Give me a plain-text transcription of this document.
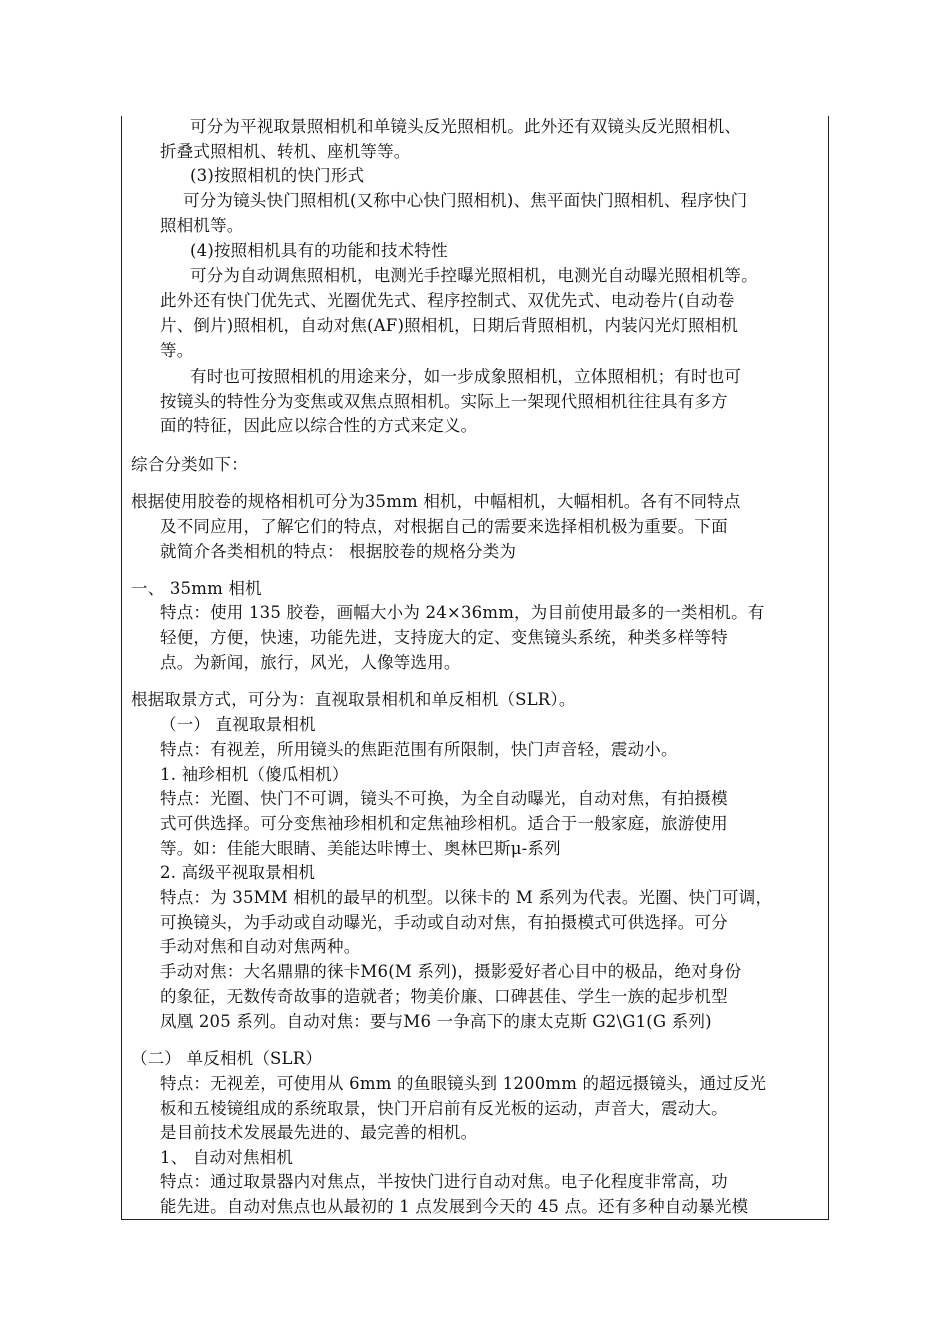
可分为平视取景照相机和单镜头反光照相机。此外还有双镜头反光照相机、
折叠式照相机、转机、座机等等。
(3)按照相机的快门形式
可分为镜头快门照相机(又称中心快门照相机)、焦平面快门照相机、程序快门
照相机等。
(4)按照相机具有的功能和技术特性
可分为自动调焦照相机，电测光手控曝光照相机，电测光自动曝光照相机等。
此外还有快门优先式、光圈优先式、程序控制式、双优先式、电动卷片(自动卷
片、倒片)照相机，自动对焦(AF)照相机，日期后背照相机，内装闪光灯照相机
等。
有时也可按照相机的用途来分，如一步成象照相机，立体照相机；有时也可
按镜头的特性分为变焦或双焦点照相机。实际上一架现代照相机往往具有多方
面的特征，因此应以综合性的方式来定义。
综合分类如下：
根据使用胶卷的规格相机可分为35mm 相机，中幅相机，大幅相机。各有不同特点
及不同应用，了解它们的特点，对根据自己的需要来选择相机极为重要。下面
就简介各类相机的特点： 根据胶卷的规格分类为
一、 35mm 相机
特点：使用 135 胶卷，画幅大小为 24×36mm，为目前使用最多的一类相机。有
轻便，方便，快速，功能先进，支持庞大的定、变焦镜头系统，种类多样等特
点。为新闻，旅行，风光，人像等选用。
根据取景方式，可分为：直视取景相机和单反相机（SLR）。
（一） 直视取景相机
特点：有视差，所用镜头的焦距范围有所限制，快门声音轻，震动小。
1. 袖珍相机（傻瓜相机）
特点：光圈、快门不可调，镜头不可换，为全自动曝光，自动对焦，有拍摄模
式可供选择。可分变焦袖珍相机和定焦袖珍相机。适合于一般家庭，旅游使用
等。如：佳能大眼睛、美能达咔博士、奥林巴斯μ-系列
2. 高级平视取景相机
特点：为 35MM 相机的最早的机型。以徕卡的 M 系列为代表。光圈、快门可调，
可换镜头，为手动或自动曝光，手动或自动对焦，有拍摄模式可供选择。可分
手动对焦和自动对焦两种。
手动对焦：大名鼎鼎的徕卡M6(M 系列)，摄影爱好者心目中的极品，绝对身份
的象征，无数传奇故事的造就者；物美价廉、口碑甚佳、学生一族的起步机型
凤凰 205 系列。自动对焦：要与M6 一争高下的康太克斯 G2\G1(G 系列)
（二） 单反相机（SLR）
特点：无视差，可使用从 6mm 的鱼眼镜头到 1200mm 的超远摄镜头，通过反光
板和五棱镜组成的系统取景，快门开启前有反光板的运动，声音大，震动大。
是目前技术发展最先进的、最完善的相机。
1、 自动对焦相机
特点：通过取景器内对焦点，半按快门进行自动对焦。电子化程度非常高，功
能先进。自动对焦点也从最初的 1 点发展到今天的 45 点。还有多种自动暴光模
